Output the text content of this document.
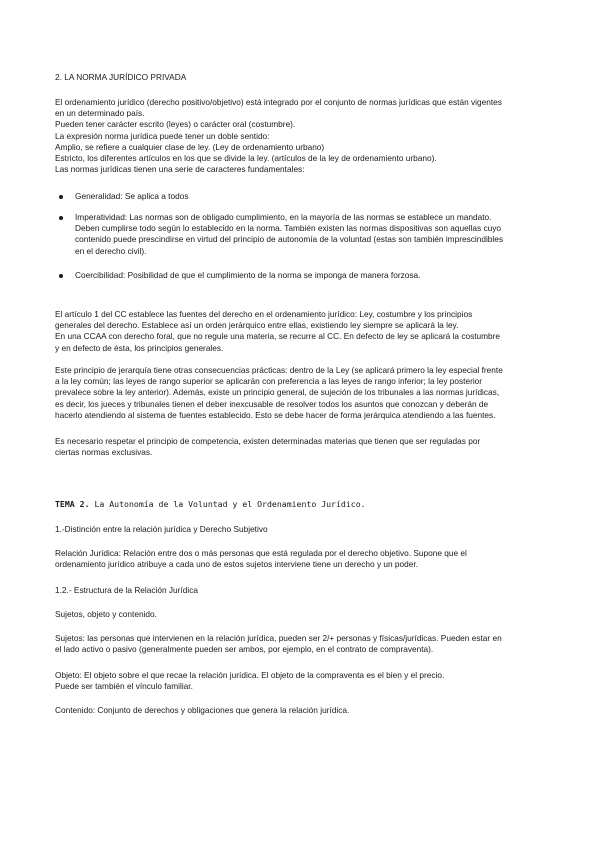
2. LA NORMA JURÍDICO PRIVADA

El ordenamiento jurídico (derecho positivo/objetivo) está integrado por el conjunto de normas jurídicas que están vigentes

en un determinado país.

Pueden tener carácter escrito (leyes) o carácter oral (costumbre).

La expresión norma jurídica puede tener un doble sentido:

Amplio, se refiere a cualquier clase de ley. (Ley de ordenamiento urbano)

Estricto, los diferentes artículos en los que se divide la ley. (artículos de la ley de ordenamiento urbano).

Las normas jurídicas tienen una serie de caracteres fundamentales:

Generalidad: Se aplica a todos

Imperatividad: Las normas son de obligado cumplimiento, en la mayoría de las normas se establece un mandato.

Deben cumplirse todo según lo establecido en la norma. También existen las normas dispositivas son aquellas cuyo

contenido puede prescindirse en virtud del principio de autonomía de la voluntad (estas son también imprescindibles

en el derecho civil).

Coercibilidad: Posibilidad de que el cumplimiento de la norma se imponga de manera forzosa.

El artículo 1 del CC establece las fuentes del derecho en el ordenamiento jurídico: Ley, costumbre y los principios

generales del derecho. Establece así un orden jerárquico entre ellas, existiendo ley siempre se aplicará la ley.

En una CCAA con derecho foral, que no regule una materia, se recurre al CC. En defecto de ley se aplicará la costumbre

y en defecto de ésta, los principios generales.

Este principio de jerarquía tiene otras consecuencias prácticas: dentro de la Ley (se aplicará primero la ley especial frente

a la ley común; las leyes de rango superior se aplicarán con preferencia a las leyes de rango inferior; la ley posterior

prevalece sobre la ley anterior). Además, existe un principio general, de sujeción de los tribunales a las normas jurídicas,

es decir, los jueces y tribunales tienen el deber inexcusable de resolver todos los asuntos que conozcan y deberán de

hacerlo atendiendo al sistema de fuentes establecido. Esto se debe hacer de forma jerárquica atendiendo a las fuentes.

Es necesario respetar el principio de competencia, existen determinadas materias que tienen que ser reguladas por

ciertas normas exclusivas.

TEMA 2. La Autonomía de la Voluntad y el Ordenamiento Jurídico.

1.-Distinción entre la relación jurídica y Derecho Subjetivo

Relación Jurídica: Relación entre dos o más personas que está regulada por el derecho objetivo. Supone que el

ordenamiento jurídico atribuye a cada uno de estos sujetos interviene tiene un derecho y un poder.

1.2.- Estructura de la Relación Jurídica

Sujetos, objeto y contenido.

Sujetos: las personas que intervienen en la relación jurídica, pueden ser 2/+ personas y físicas/jurídicas. Pueden estar en

el lado activo o pasivo (generalmente pueden ser ambos, por ejemplo, en el contrato de compraventa).

Objeto: El objeto sobre el que recae la relación jurídica. El objeto de la compraventa es el bien y el precio.

Puede ser también el vínculo familiar.

Contenido: Conjunto de derechos y obligaciones que genera la relación jurídica.
